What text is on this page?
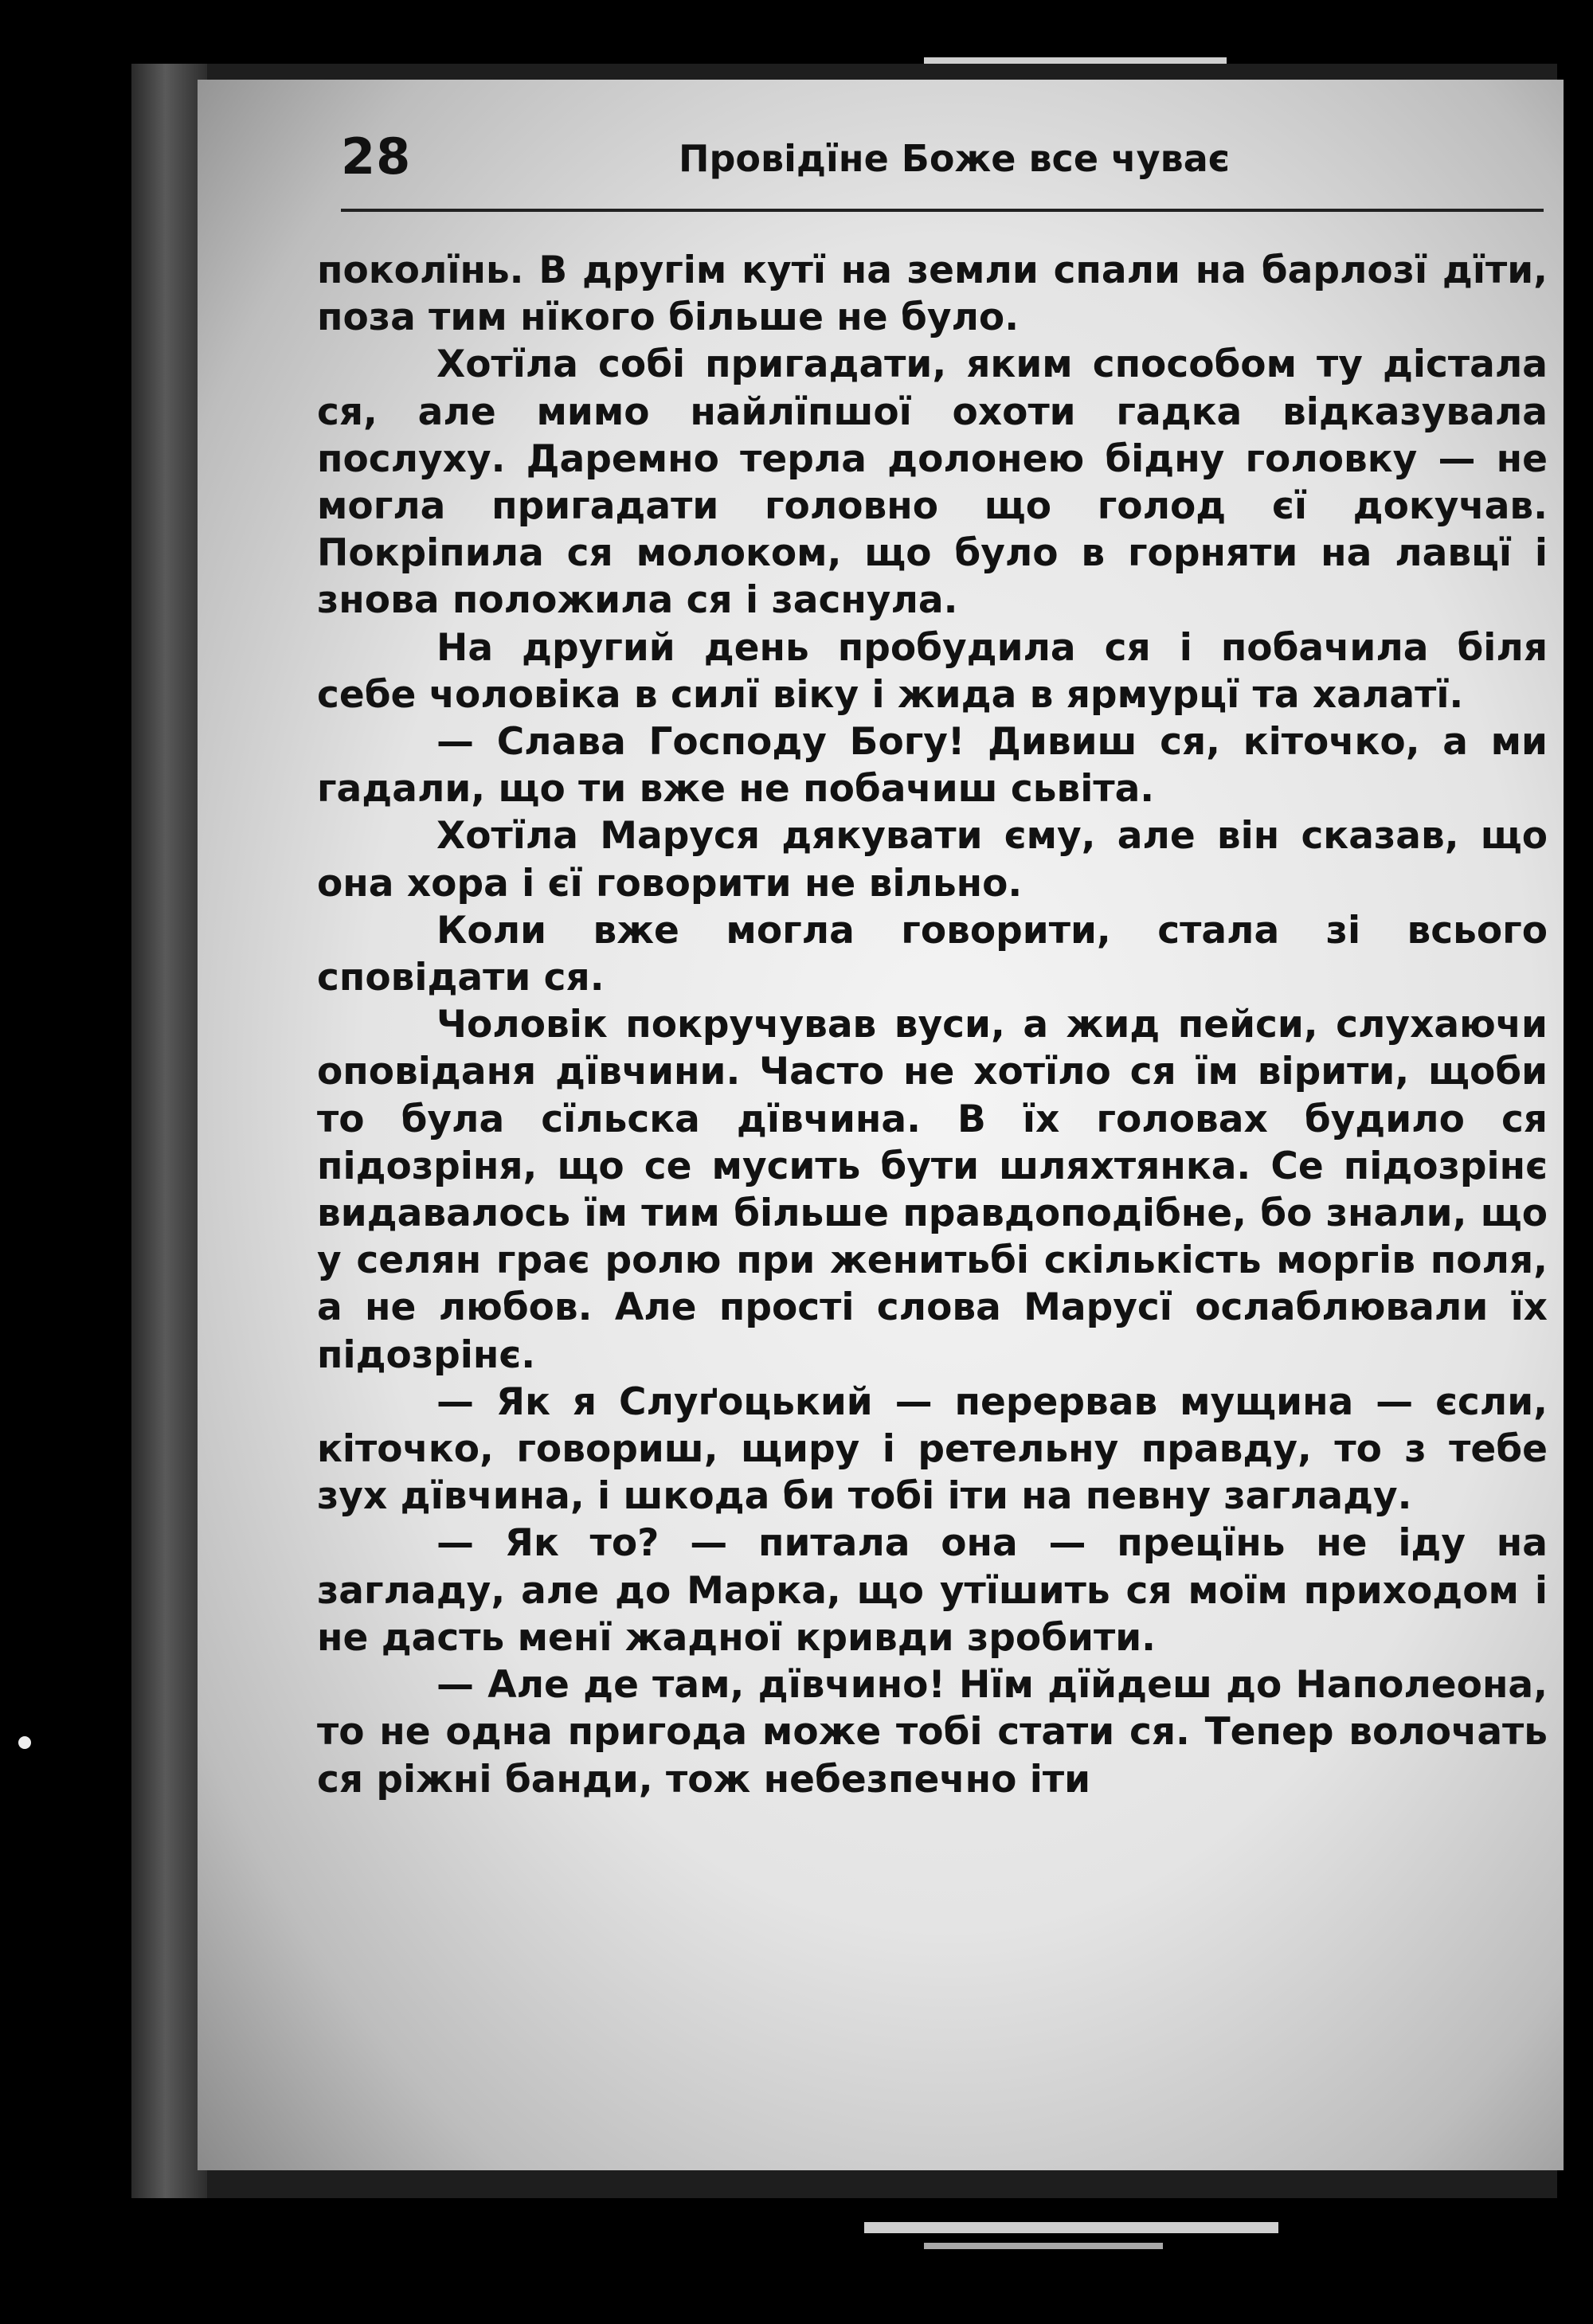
28	Провідїне Боже все чуває

поколїнь. В другім кутї на земли спали на барлозї дїти, поза тим нїкого більше не було.

Хотїла собі пригадати, яким способом ту дістала ся, але мимо найлїпшої охоти гадка відказувала послуху. Даремно терла долонею бідну головку — не могла пригадати головно що голод єї докучав. Покріпила ся молоком, що було в горняти на лавцї і знова положила ся і заснула.

На другий день пробудила ся і побачила біля себе чоловіка в силї віку і жида в ярмурцї та халатї.

— Слава Господу Богу! Дивиш ся, кіточко, а ми гадали, що ти вже не побачиш сьвіта.

Хотїла Маруся дякувати єму, але він сказав, що она хора і єї говорити не вільно.

Коли вже могла говорити, стала зі всього сповідати ся.

Чоловік покручував вуси, а жид пейси, слухаючи оповіданя дївчини. Часто не хотїло ся їм вірити, щоби то була сїльска дївчина. В їх головах будило ся підозріня, що се мусить бути шляхтянка. Се підозрінє видавалось їм тим більше правдоподібне, бо знали, що у селян грає ролю при женитьбі скількість моргів поля, а не любов. Але прості слова Марусї ослаблювали їх підозрінє.

— Як я Слуґоцький — перервав мущина — єсли, кіточко, говориш, щиру і ретельну правду, то з тебе зух дївчина, і шкода би тобі іти на певну загладу.

— Як то? — питала она — прецїнь не іду на загладу, але до Марка, що утїшить ся моїм приходом і не дасть менї жадної кривди зробити.

— Але де там, дївчино! Нїм дїйдеш до Наполеона, то не одна пригода може тобі стати ся. Тепер волочать ся ріжні банди, тож небезпечно іти
